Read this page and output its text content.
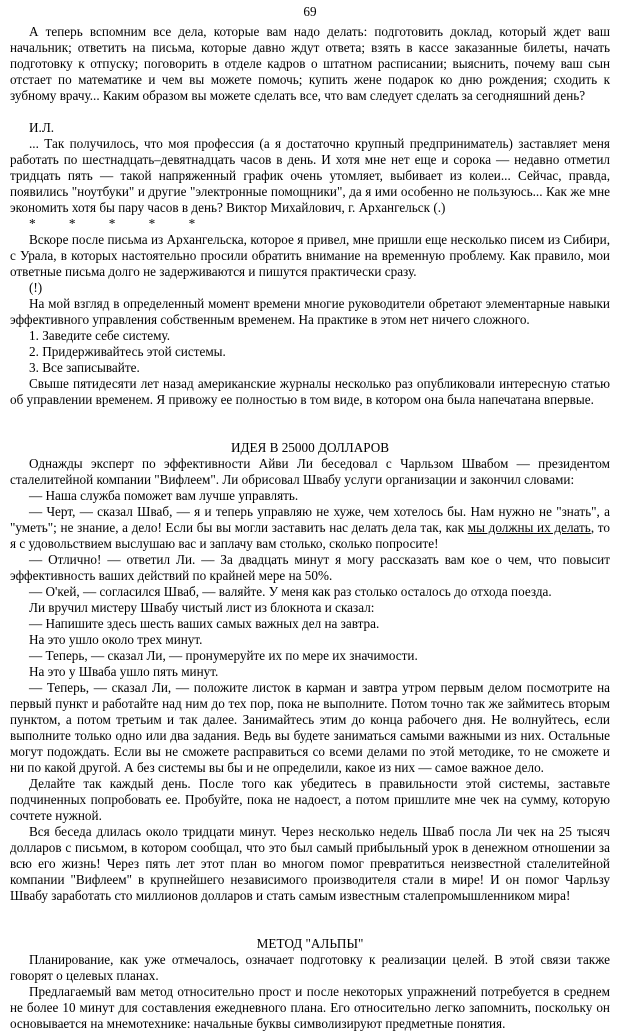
69

А теперь вспомним все дела, которые вам надо делать: подготовить доклад, который ждет ваш начальник; ответить на письма, которые давно ждут ответа; взять в кассе заказанные билеты, начать подготовку к отпуску; поговорить в отделе кадров о штатном расписании; выяснить, почему ваш сын отстает по математике и чем вы можете помочь; купить жене подарок ко дню рождения; сходить к зубному врачу... Каким образом вы можете сделать все, что вам следует сделать за сегодняшний день?

И.Л.

... Так получилось, что моя профессия (а я достаточно крупный предприниматель) заставляет меня работать по шестнадцать–девятнадцать часов в день. И хотя мне нет еще и сорока — недавно отметил тридцать пять — такой напряженный график очень утомляет, выбивает из колеи... Сейчас, правда, появились "ноутбуки" и другие "электронные помощники", да я ими особенно не пользуюсь... Как же мне экономить хотя бы пару часов в день? Виктор Михайлович, г. Архангельск (.)

* * * * *

Вскоре после письма из Архангельска, которое я привел, мне пришли еще несколько писем из Сибири, с Урала, в которых настоятельно просили обратить внимание на временную проблему. Как правило, мои ответные письма долго не задерживаются и пишутся практически сразу.

(!)

На мой взгляд в определенный момент времени многие руководители обретают элементарные навыки эффективного управления собственным временем. На практике в этом нет ничего сложного.

1. Заведите себе систему.

2. Придерживайтесь этой системы.

3. Все записывайте.

Свыше пятидесяти лет назад американские журналы несколько раз опубликовали интересную статью об управлении временем. Я привожу ее полностью в том виде, в котором она была напечатана впервые.

ИДЕЯ В 25000 ДОЛЛАРОВ

Однажды эксперт по эффективности Айви Ли беседовал с Чарльзом Швабом — президентом сталелитейной компании "Вифлеем". Ли обрисовал Швабу услуги организации и закончил словами:

— Наша служба поможет вам лучше управлять.

— Черт, — сказал Шваб, — я и теперь управляю не хуже, чем хотелось бы. Нам нужно не "знать", а "уметь"; не знание, а дело! Если бы вы могли заставить нас делать дела так, как мы должны их делать, то я с удовольствием выслушаю вас и заплачу вам столько, сколько попросите!

— Отлично! — ответил Ли. — За двадцать минут я могу рассказать вам кое о чем, что повысит эффективность ваших действий по крайней мере на 50%.

— О'кей, — согласился Шваб, — валяйте. У меня как раз столько осталось до отхода поезда.

Ли вручил мистеру Швабу чистый лист из блокнота и сказал:

— Напишите здесь шесть ваших самых важных дел на завтра.

На это ушло около трех минут.

— Теперь, — сказал Ли, — пронумеруйте их по мере их значимости.

На это у Шваба ушло пять минут.

— Теперь, — сказал Ли, — положите листок в карман и завтра утром первым делом посмотрите на первый пункт и работайте над ним до тех пор, пока не выполните. Потом точно так же займитесь вторым пунктом, а потом третьим и так далее. Занимайтесь этим до конца рабочего дня. Не волнуйтесь, если выполните только одно или два задания. Ведь вы будете заниматься самыми важными из них. Остальные могут подождать. Если вы не сможете расправиться со всеми делами по этой методике, то не сможете и ни по какой другой. А без системы вы бы и не определили, какое из них — самое важное дело.

Делайте так каждый день. После того как убедитесь в правильности этой системы, заставьте подчиненных попробовать ее. Пробуйте, пока не надоест, а потом пришлите мне чек на сумму, которую сочтете нужной.

Вся беседа длилась около тридцати минут. Через несколько недель Шваб посла Ли чек на 25 тысяч долларов с письмом, в котором сообщал, что это был самый прибыльный урок в денежном отношении за всю его жизнь! Через пять лет этот план во многом помог превратиться неизвестной сталелитейной компании "Вифлеем" в крупнейшего независимого производителя стали в мире! И он помог Чарльзу Швабу заработать сто миллионов долларов и стать самым известным сталепромышленником мира!

МЕТОД "АЛЬПЫ"

Планирование, как уже отмечалось, означает подготовку к реализации целей. В этой связи также говорят о целевых планах.

Предлагаемый вам метод относительно прост и после некоторых упражнений потребуется в среднем не более 10 минут для составления ежедневного плана. Его относительно легко запомнить, поскольку он основывается на мнемотехнике: начальные буквы символизируют предметные понятия.
